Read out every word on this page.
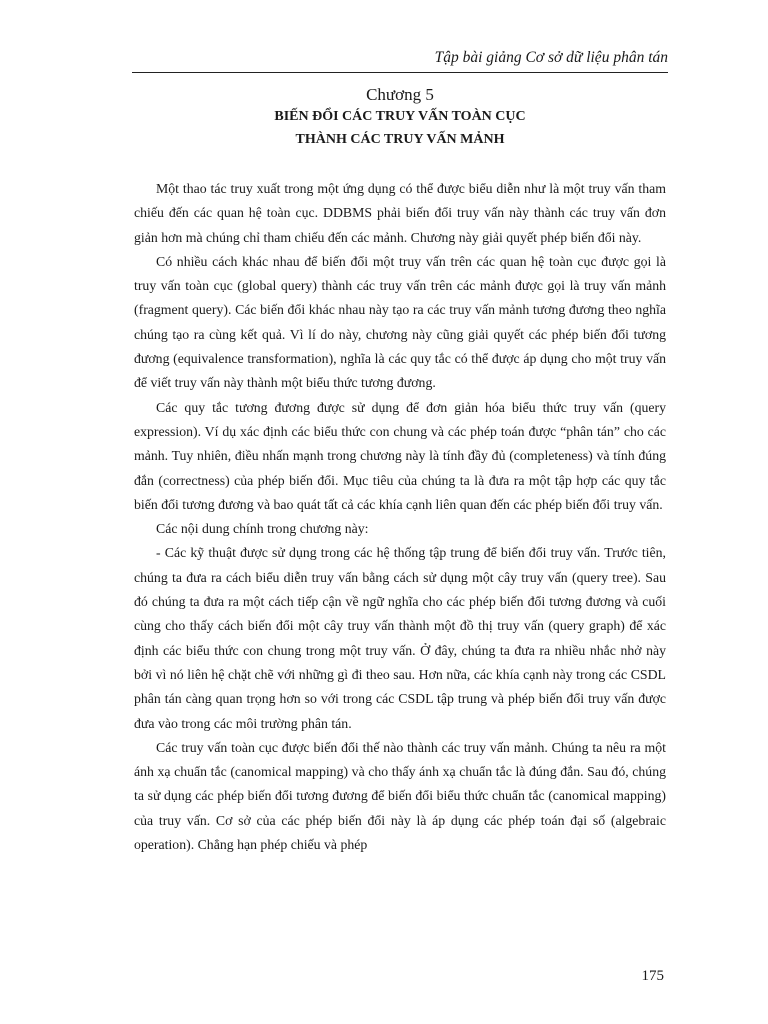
Tập bài giảng Cơ sở dữ liệu phân tán
Chương 5
BIẾN ĐỔI CÁC TRUY VẤN TOÀN CỤC
THÀNH CÁC TRUY VẤN MẢNH

Một thao tác truy xuất trong một ứng dụng có thể được biểu diễn như là một truy vấn tham chiếu đến các quan hệ toàn cục. DDBMS phải biến đổi truy vấn này thành các truy vấn đơn giản hơn mà chúng chỉ tham chiếu đến các mảnh. Chương này giải quyết phép biến đổi này.

Có nhiều cách khác nhau để biến đổi một truy vấn trên các quan hệ toàn cục được gọi là truy vấn toàn cục (global query) thành các truy vấn trên các mảnh được gọi là truy vấn mảnh (fragment query). Các biến đổi khác nhau này tạo ra các truy vấn mảnh tương đương theo nghĩa chúng tạo ra cùng kết quả. Vì lí do này, chương này cũng giải quyết các phép biến đổi tương đương (equivalence transformation), nghĩa là các quy tắc có thể được áp dụng cho một truy vấn để viết truy vấn này thành một biểu thức tương đương.

Các quy tắc tương đương được sử dụng để đơn giản hóa biểu thức truy vấn (query expression). Ví dụ xác định các biểu thức con chung và các phép toán được “phân tán” cho các mảnh. Tuy nhiên, điều nhấn mạnh trong chương này là tính đầy đủ (completeness) và tính đúng đắn (correctness) của phép biến đổi. Mục tiêu của chúng ta là đưa ra một tập hợp các quy tắc biến đổi tương đương và bao quát tất cả các khía cạnh liên quan đến các phép biến đổi truy vấn.

Các nội dung chính trong chương này:

- Các kỹ thuật được sử dụng trong các hệ thống tập trung để biến đổi truy vấn. Trước tiên, chúng ta đưa ra cách biểu diễn truy vấn bằng cách sử dụng một cây truy vấn (query tree). Sau đó chúng ta đưa ra một cách tiếp cận về ngữ nghĩa cho các phép biến đổi tương đương và cuối cùng cho thấy cách biến đổi một cây truy vấn thành một đồ thị truy vấn (query graph) để xác định các biểu thức con chung trong một truy vấn. Ở đây, chúng ta đưa ra nhiều nhắc nhở này bởi vì nó liên hệ chặt chẽ với những gì đi theo sau. Hơn nữa, các khía cạnh này trong các CSDL phân tán càng quan trọng hơn so với trong các CSDL tập trung và phép biến đổi truy vấn được đưa vào trong các môi trường phân tán.

Các truy vấn toàn cục được biến đổi thế nào thành các truy vấn mảnh. Chúng ta nêu ra một ánh xạ chuẩn tắc (canomical mapping) và cho thấy ánh xạ chuẩn tắc là đúng đắn. Sau đó, chúng ta sử dụng các phép biến đổi tương đương để biến đổi biểu thức chuẩn tắc (canomical mapping) của truy vấn. Cơ sở của các phép biến đổi này là áp dụng các phép toán đại số (algebraic operation). Chẳng hạn phép chiếu và phép

175
